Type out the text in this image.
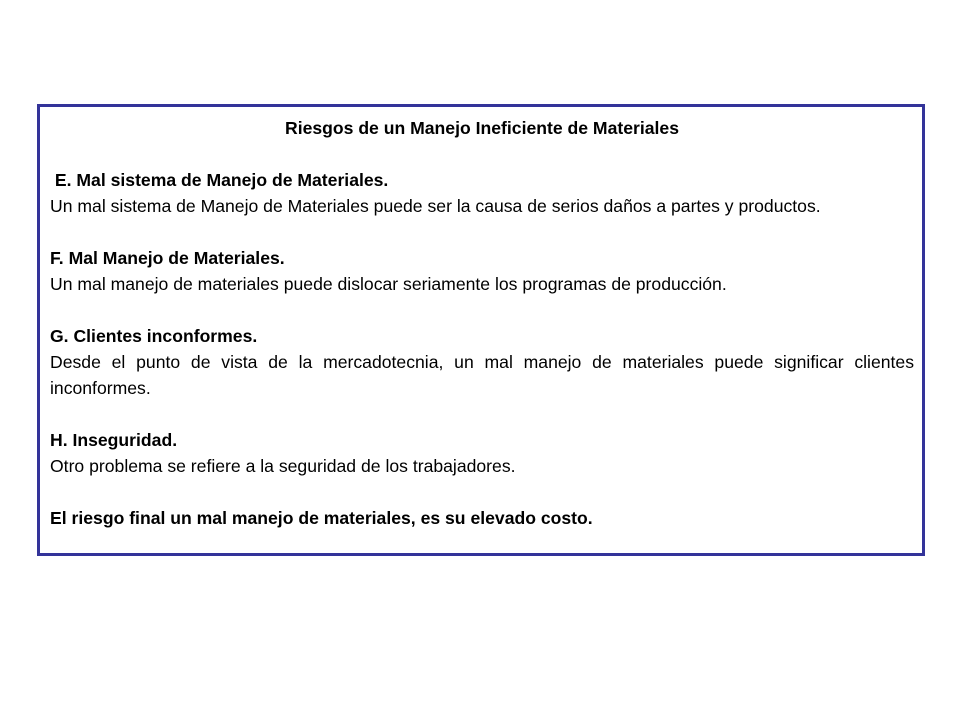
Riesgos de un Manejo Ineficiente de Materiales

E. Mal sistema de Manejo de Materiales.

Un mal sistema de Manejo de Materiales puede ser la causa de serios daños a partes y productos.

F. Mal Manejo de Materiales.

Un mal manejo de materiales puede dislocar seriamente los programas de producción.

G. Clientes inconformes.

Desde el punto de vista de la mercadotecnia, un mal manejo de materiales puede significar clientes inconformes.

H. Inseguridad.

Otro problema se refiere a la seguridad de los trabajadores.

El riesgo final un mal manejo de materiales, es su elevado costo.
